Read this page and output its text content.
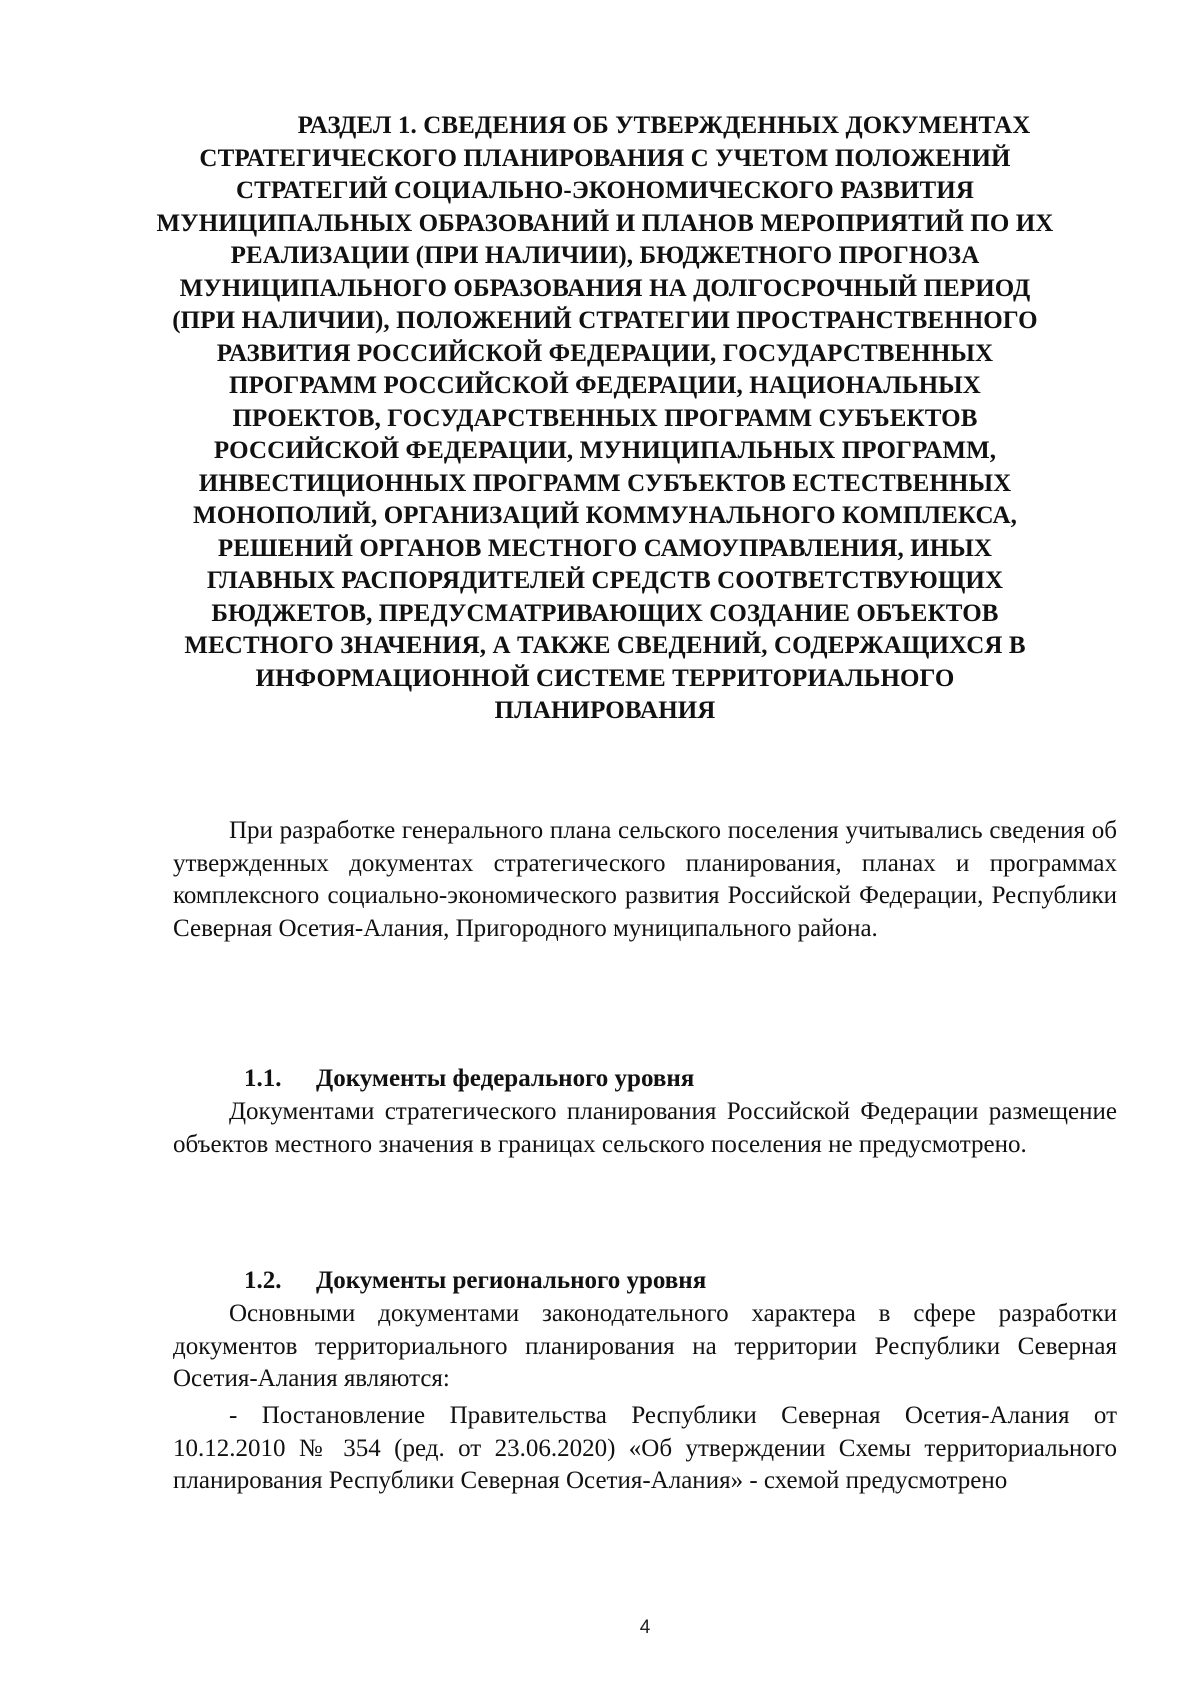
РАЗДЕЛ 1. СВЕДЕНИЯ ОБ УТВЕРЖДЕННЫХ ДОКУМЕНТАХ
СТРАТЕГИЧЕСКОГО ПЛАНИРОВАНИЯ С УЧЕТОМ ПОЛОЖЕНИЙ
СТРАТЕГИЙ СОЦИАЛЬНО-ЭКОНОМИЧЕСКОГО РАЗВИТИЯ
МУНИЦИПАЛЬНЫХ ОБРАЗОВАНИЙ И ПЛАНОВ МЕРОПРИЯТИЙ ПО ИХ
РЕАЛИЗАЦИИ (ПРИ НАЛИЧИИ), БЮДЖЕТНОГО ПРОГНОЗА
МУНИЦИПАЛЬНОГО ОБРАЗОВАНИЯ НА ДОЛГОСРОЧНЫЙ ПЕРИОД
(ПРИ НАЛИЧИИ), ПОЛОЖЕНИЙ СТРАТЕГИИ ПРОСТРАНСТВЕННОГО
РАЗВИТИЯ РОССИЙСКОЙ ФЕДЕРАЦИИ, ГОСУДАРСТВЕННЫХ
ПРОГРАММ РОССИЙСКОЙ ФЕДЕРАЦИИ, НАЦИОНАЛЬНЫХ
ПРОЕКТОВ, ГОСУДАРСТВЕННЫХ ПРОГРАММ СУБЪЕКТОВ
РОССИЙСКОЙ ФЕДЕРАЦИИ, МУНИЦИПАЛЬНЫХ ПРОГРАММ,
ИНВЕСТИЦИОННЫХ ПРОГРАММ СУБЪЕКТОВ ЕСТЕСТВЕННЫХ
МОНОПОЛИЙ, ОРГАНИЗАЦИЙ КОММУНАЛЬНОГО КОМПЛЕКСА,
РЕШЕНИЙ ОРГАНОВ МЕСТНОГО САМОУПРАВЛЕНИЯ, ИНЫХ
ГЛАВНЫХ РАСПОРЯДИТЕЛЕЙ СРЕДСТВ СООТВЕТСТВУЮЩИХ
БЮДЖЕТОВ, ПРЕДУСМАТРИВАЮЩИХ СОЗДАНИЕ ОБЪЕКТОВ
МЕСТНОГО ЗНАЧЕНИЯ, А ТАКЖЕ СВЕДЕНИЙ, СОДЕРЖАЩИХСЯ В
ИНФОРМАЦИОННОЙ СИСТЕМЕ ТЕРРИТОРИАЛЬНОГО
ПЛАНИРОВАНИЯ

При разработке генерального плана сельского поселения учитывались сведения об утвержденных документах стратегического планирования, планах и программах комплексного социально-экономического развития Российской Федерации, Республики Северная Осетия-Алания, Пригородного муниципального района.

1.1. Документы федерального уровня

Документами стратегического планирования Российской Федерации размещение объектов местного значения в границах сельского поселения не предусмотрено.

1.2. Документы регионального уровня

Основными документами законодательного характера в сфере разработки документов территориального планирования на территории Республики Северная Осетия-Алания являются:

- Постановление Правительства Республики Северная Осетия-Алания от 10.12.2010 № 354 (ред. от 23.06.2020) «Об утверждении Схемы территориального планирования Республики Северная Осетия-Алания» - схемой предусмотрено

4
